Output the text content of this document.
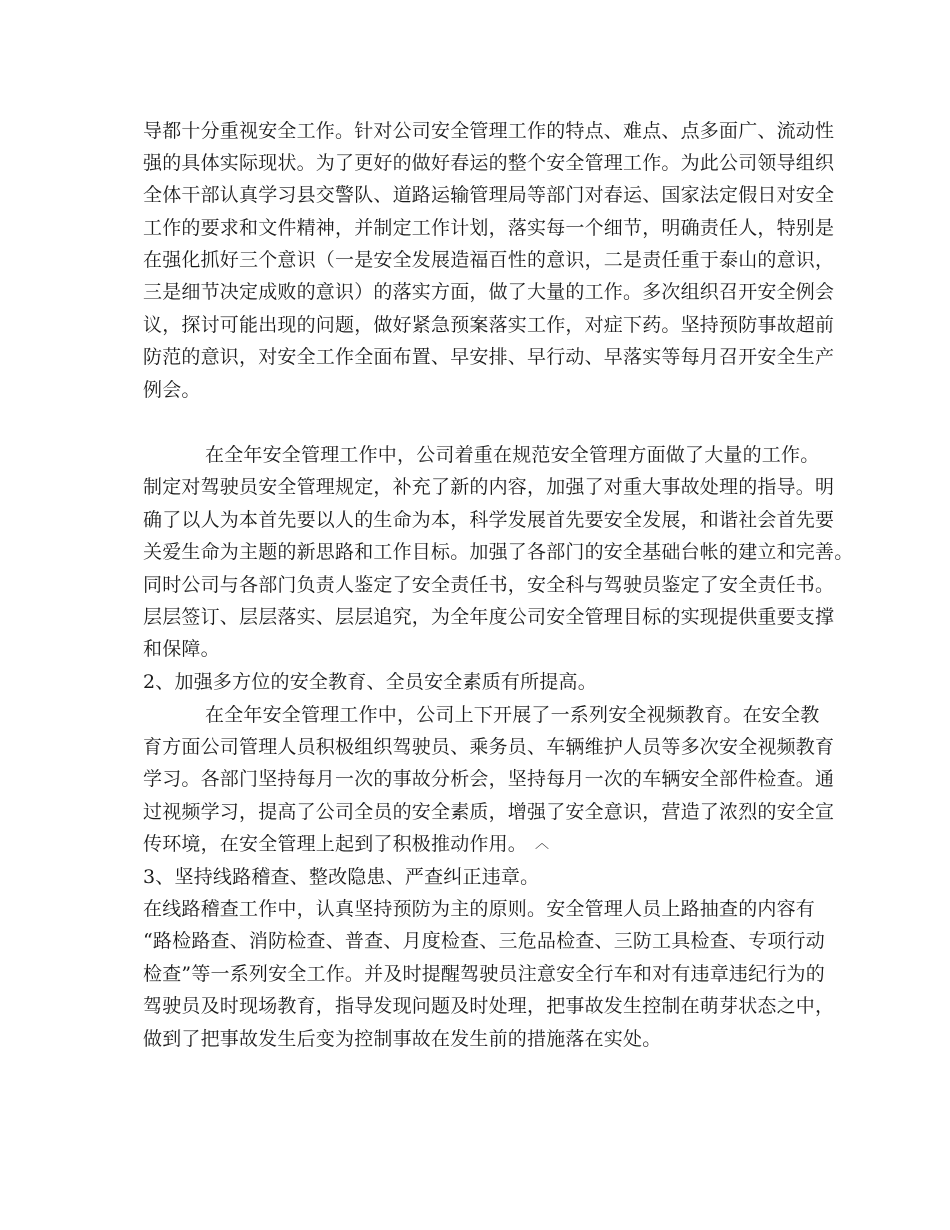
导都十分重视安全工作。针对公司安全管理工作的特点、难点、点多面广、流动性
强的具体实际现状。为了更好的做好春运的整个安全管理工作。为此公司领导组织
全体干部认真学习县交警队、道路运输管理局等部门对春运、国家法定假日对安全
工作的要求和文件精神，并制定工作计划，落实每一个细节，明确责任人，特别是
在强化抓好三个意识（一是安全发展造福百性的意识，二是责任重于泰山的意识，
三是细节决定成败的意识）的落实方面，做了大量的工作。多次组织召开安全例会
议，探讨可能出现的问题，做好紧急预案落实工作，对症下药。坚持预防事故超前
防范的意识，对安全工作全面布置、早安排、早行动、早落实等每月召开安全生产
例会。
在全年安全管理工作中，公司着重在规范安全管理方面做了大量的工作。
制定对驾驶员安全管理规定，补充了新的内容，加强了对重大事故处理的指导。明
确了以人为本首先要以人的生命为本，科学发展首先要安全发展，和谐社会首先要
关爱生命为主题的新思路和工作目标。加强了各部门的安全基础台帐的建立和完善。
同时公司与各部门负责人鉴定了安全责任书，安全科与驾驶员鉴定了安全责任书。
层层签订、层层落实、层层追究，为全年度公司安全管理目标的实现提供重要支撑
和保障。
2、加强多方位的安全教育、全员安全素质有所提高。
在全年安全管理工作中，公司上下开展了一系列安全视频教育。在安全教
育方面公司管理人员积极组织驾驶员、乘务员、车辆维护人员等多次安全视频教育
学习。各部门坚持每月一次的事故分析会，坚持每月一次的车辆安全部件检查。通
过视频学习，提高了公司全员的安全素质，增强了安全意识，营造了浓烈的安全宣
传环境，在安全管理上起到了积极推动作用。 ︿
3、坚持线路稽查、整改隐患、严查纠正违章。
在线路稽查工作中，认真坚持预防为主的原则。安全管理人员上路抽查的内容有
“路检路查、消防检查、普查、月度检查、三危品检查、三防工具检查、专项行动
检查”等一系列安全工作。并及时提醒驾驶员注意安全行车和对有违章违纪行为的
驾驶员及时现场教育，指导发现问题及时处理，把事故发生控制在萌芽状态之中，
做到了把事故发生后变为控制事故在发生前的措施落在实处。
